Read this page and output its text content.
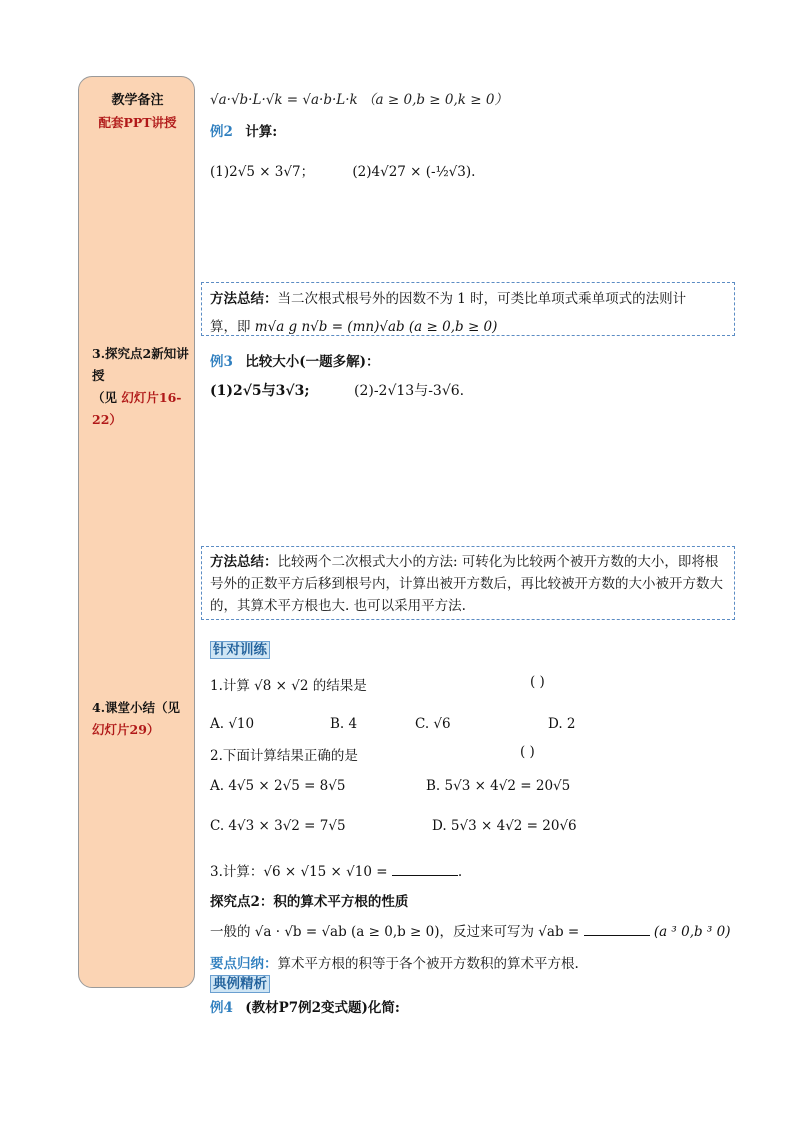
教学备注
配套PPT讲授
3.探究点2新知讲授
（见 幻灯片16-22）
4.课堂小结（见
幻灯片29）
√a·√b·L·√k = √a·b·L·k （a ≥ 0,b ≥ 0,k ≥ 0）
例2 计算:
(1)2√5 × 3√7；	(2)4√27 × (-½√3).
方法总结：当二次根式根号外的因数不为 1 时，可类比单项式乘单项式的法则计
算，即 m√a g n√b = (mn)√ab (a ≥ 0,b ≥ 0)
例3 比较大小(一题多解)：
(1)2√5与3√3;	(2)-2√13与-3√6.
方法总结：比较两个二次根式大小的方法: 可转化为比较两个被开方数的大小，即将根号外的正数平方后移到根号内，计算出被开方数后，再比较被开方数的大小被开方数大的，其算术平方根也大. 也可以采用平方法.
针对训练
1.计算 √8 × √2 的结果是	( )
A. √10	B. 4	C. √6	D. 2
2.下面计算结果正确的是	( )
A. 4√5 × 2√5 = 8√5	B. 5√3 × 4√2 = 20√5
C. 4√3 × 3√2 = 7√5	D. 5√3 × 4√2 = 20√6
3.计算：√6 × √15 × √10 =	.
探究点2：积的算术平方根的性质
一般的 √a · √b = √ab (a ≥ 0,b ≥ 0)，反过来可写为 √ab =	(a ³ 0,b ³ 0)
要点归纳：算术平方根的积等于各个被开方数积的算术平方根.
典例精析
例4 (教材P7例2变式题)化简:
